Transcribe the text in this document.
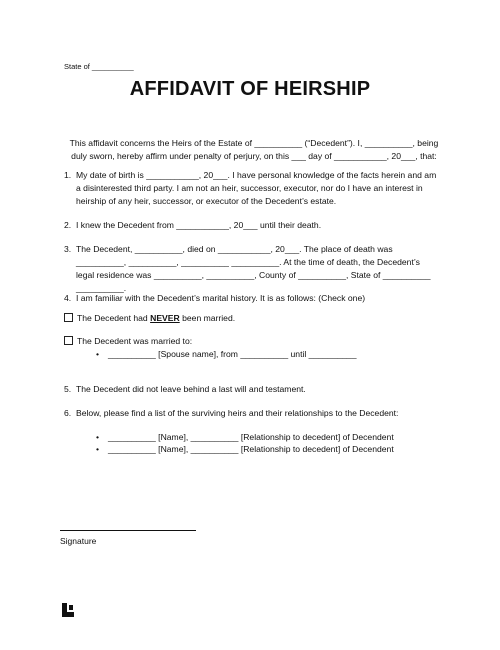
State of __________
AFFIDAVIT OF HEIRSHIP
This affidavit concerns the Heirs of the Estate of __________ (“Decedent”). I, __________, being duly sworn, hereby affirm under penalty of perjury, on this ___ day of ___________, 20___, that:
1. My date of birth is ___________, 20___. I have personal knowledge of the facts herein and am a disinterested third party. I am not an heir, successor, executor, nor do I have an interest in heirship of any heir, successor, or executor of the Decedent’s estate.
2. I knew the Decedent from ___________, 20___ until their death.
3. The Decedent, __________, died on ___________, 20___. The place of death was __________, __________, __________ __________. At the time of death, the Decedent’s legal residence was __________, __________, County of __________, State of __________ __________.
4. I am familiar with the Decedent’s marital history. It is as follows: (Check one)
The Decedent had NEVER been married.
The Decedent was married to:
• __________ [Spouse name], from __________ until __________
5. The Decedent did not leave behind a last will and testament.
6. Below, please find a list of the surviving heirs and their relationships to the Decedent:
• __________ [Name], __________ [Relationship to decedent] of Decendent
• __________ [Name], __________ [Relationship to decedent] of Decendent
Signature
